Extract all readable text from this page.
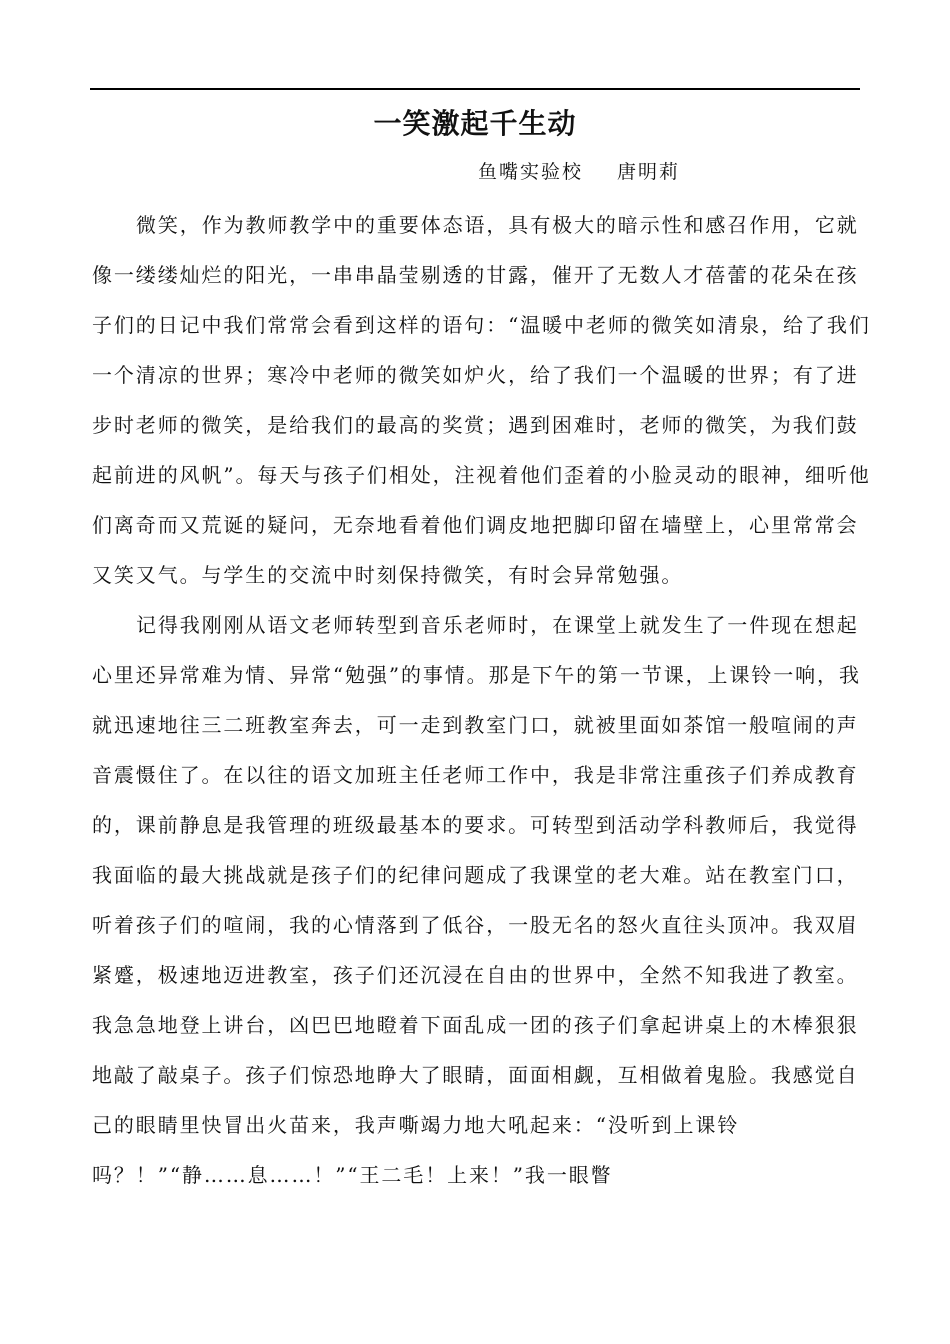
一笑激起千生动
鱼嘴实验校 唐明莉

微笑，作为教师教学中的重要体态语，具有极大的暗示性和感召作用，它就像一缕缕灿烂的阳光，一串串晶莹剔透的甘露，催开了无数人才蓓蕾的花朵在孩子们的日记中我们常常会看到这样的语句：“温暖中老师的微笑如清泉，给了我们一个清凉的世界；寒冷中老师的微笑如炉火，给了我们一个温暖的世界；有了进步时老师的微笑，是给我们的最高的奖赏；遇到困难时，老师的微笑，为我们鼓起前进的风帆”。每天与孩子们相处，注视着他们歪着的小脸灵动的眼神，细听他们离奇而又荒诞的疑问，无奈地看着他们调皮地把脚印留在墙壁上，心里常常会又笑又气。与学生的交流中时刻保持微笑，有时会异常勉强。

记得我刚刚从语文老师转型到音乐老师时，在课堂上就发生了一件现在想起心里还异常难为情、异常“勉强”的事情。那是下午的第一节课，上课铃一响，我就迅速地往三二班教室奔去，可一走到教室门口，就被里面如茶馆一般喧闹的声音震慑住了。在以往的语文加班主任老师工作中，我是非常注重孩子们养成教育的，课前静息是我管理的班级最基本的要求。可转型到活动学科教师后，我觉得我面临的最大挑战就是孩子们的纪律问题成了我课堂的老大难。站在教室门口，听着孩子们的喧闹，我的心情落到了低谷，一股无名的怒火直往头顶冲。我双眉紧蹙，极速地迈进教室，孩子们还沉浸在自由的世界中，全然不知我进了教室。我急急地登上讲台，凶巴巴地瞪着下面乱成一团的孩子们拿起讲桌上的木棒狠狠地敲了敲桌子。孩子们惊恐地睁大了眼睛，面面相觑，互相做着鬼脸。我感觉自己的眼睛里快冒出火苗来，我声嘶竭力地大吼起来：“没听到上课铃吗？！”“静……息……！”“王二毛！上来！”我一眼瞥
